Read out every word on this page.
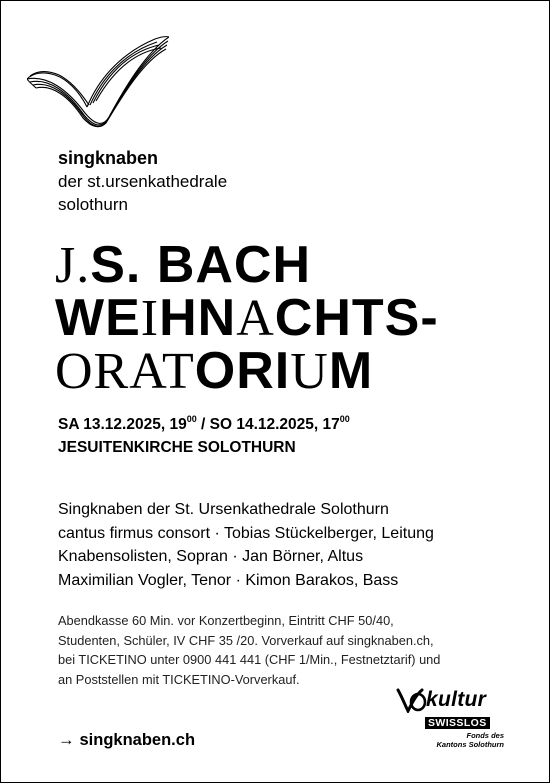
singknaben
der st.ursenkathedrale
solothurn
J.S. BACH
WEIHNACHTS-
ORATORIUM
SA 13.12.2025, $19^{00}$ / SO 14.12.2025, $17^{00}$
JESUITENKIRCHE SOLOTHURN
Singknaben der St. Ursenkathedrale Solothurn
cantus firmus consort · Tobias Stückelberger, Leitung
Knabensolisten, Sopran · Jan Börner, Altus
Maximilian Vogler, Tenor · Kimon Barakos, Bass
Abendkasse 60 Min. vor Konzertbeginn, Eintritt CHF 50/40,
Studenten, Schüler, IV CHF 35 /20. Vorverkauf auf singknaben.ch,
bei TICKETINO unter 0900 441 441 (CHF 1/Min., Festnetztarif) und
an Poststellen mit TICKETINO-Vorverkauf.
→ singknaben.ch
kultur
SWISSLOS
Fonds des
Kantons Solothurn
